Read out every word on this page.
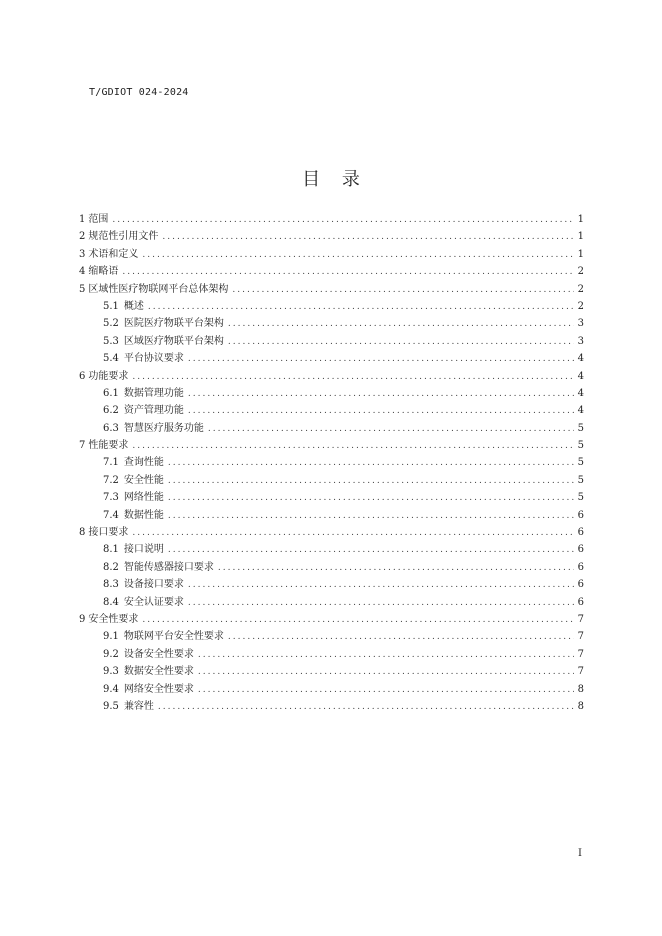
T/GDIOT 024-2024
目 录
1 范围 .....	1
2 规范性引用文件 .....	1
3 术语和定义 .....	1
4 缩略语 .....	2
5 区域性医疗物联网平台总体架构 .....	2
5.1 概述 .....	2
5.2 医院医疗物联平台架构 .....	3
5.3 区域医疗物联平台架构 .....	3
5.4 平台协议要求 .....	4
6 功能要求 .....	4
6.1 数据管理功能 .....	4
6.2 资产管理功能 .....	4
6.3 智慧医疗服务功能 .....	5
7 性能要求 .....	5
7.1 查询性能 .....	5
7.2 安全性能 .....	5
7.3 网络性能 .....	5
7.4 数据性能 .....	6
8 接口要求 .....	6
8.1 接口说明 .....	6
8.2 智能传感器接口要求 .....	6
8.3 设备接口要求 .....	6
8.4 安全认证要求 .....	6
9 安全性要求 .....	7
9.1 物联网平台安全性要求 .....	7
9.2 设备安全性要求 .....	7
9.3 数据安全性要求 .....	7
9.4 网络安全性要求 .....	8
9.5 兼容性 .....	8
I
